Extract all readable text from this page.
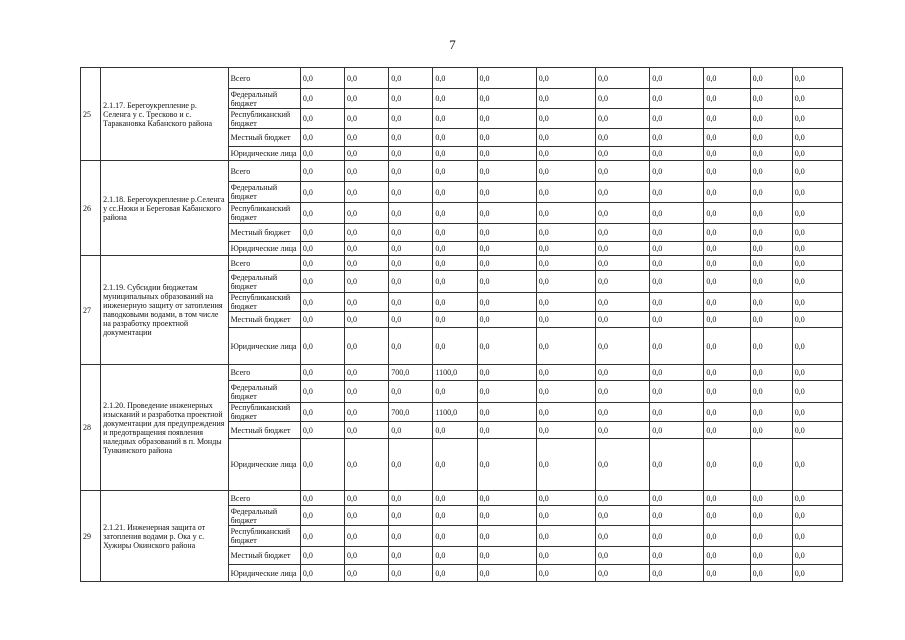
7
25	2.1.17. Берегоукрепление р. Селенга у с. Тресково и с. Таракановка Кабанского района	Всего	0,0	0,0	0,0	0,0	0,0	0,0	0,0	0,0	0,0	0,0	0,0
		Федеральный бюджет	0,0	0,0	0,0	0,0	0,0	0,0	0,0	0,0	0,0	0,0	0,0
		Республиканский бюджет	0,0	0,0	0,0	0,0	0,0	0,0	0,0	0,0	0,0	0,0	0,0
		Местный бюджет	0,0	0,0	0,0	0,0	0,0	0,0	0,0	0,0	0,0	0,0	0,0
		Юридические лица	0,0	0,0	0,0	0,0	0,0	0,0	0,0	0,0	0,0	0,0	0,0
26	2.1.18. Берегоукрепление р.Селенга у сс.Нюки и Береговая Кабанского района	Всего	0,0	0,0	0,0	0,0	0,0	0,0	0,0	0,0	0,0	0,0	0,0
		Федеральный бюджет	0,0	0,0	0,0	0,0	0,0	0,0	0,0	0,0	0,0	0,0	0,0
		Республиканский бюджет	0,0	0,0	0,0	0,0	0,0	0,0	0,0	0,0	0,0	0,0	0,0
		Местный бюджет	0,0	0,0	0,0	0,0	0,0	0,0	0,0	0,0	0,0	0,0	0,0
		Юридические лица	0,0	0,0	0,0	0,0	0,0	0,0	0,0	0,0	0,0	0,0	0,0
27	2.1.19. Субсидии бюджетам муниципальных образований на инженерную защиту от затопления паводковыми водами, в том числе на разработку проектной документации	Всего	0,0	0,0	0,0	0,0	0,0	0,0	0,0	0,0	0,0	0,0	0,0
		Федеральный бюджет	0,0	0,0	0,0	0,0	0,0	0,0	0,0	0,0	0,0	0,0	0,0
		Республиканский бюджет	0,0	0,0	0,0	0,0	0,0	0,0	0,0	0,0	0,0	0,0	0,0
		Местный бюджет	0,0	0,0	0,0	0,0	0,0	0,0	0,0	0,0	0,0	0,0	0,0
		Юридические лица	0,0	0,0	0,0	0,0	0,0	0,0	0,0	0,0	0,0	0,0	0,0
28	2.1.20. Проведение инженерных изысканий и разработка проектной документации для предупреждения и предотвращения появления наледных образований в п. Монды Тункинского района	Всего	0,0	0,0	700,0	1100,0	0,0	0,0	0,0	0,0	0,0	0,0	0,0
		Федеральный бюджет	0,0	0,0	0,0	0,0	0,0	0,0	0,0	0,0	0,0	0,0	0,0
		Республиканский бюджет	0,0	0,0	700,0	1100,0	0,0	0,0	0,0	0,0	0,0	0,0	0,0
		Местный бюджет	0,0	0,0	0,0	0,0	0,0	0,0	0,0	0,0	0,0	0,0	0,0
		Юридические лица	0,0	0,0	0,0	0,0	0,0	0,0	0,0	0,0	0,0	0,0	0,0
29	2.1.21. Инженерная защита от затопления водами р. Ока у с. Хужиры Окинского района	Всего	0,0	0,0	0,0	0,0	0,0	0,0	0,0	0,0	0,0	0,0	0,0
		Федеральный бюджет	0,0	0,0	0,0	0,0	0,0	0,0	0,0	0,0	0,0	0,0	0,0
		Республиканский бюджет	0,0	0,0	0,0	0,0	0,0	0,0	0,0	0,0	0,0	0,0	0,0
		Местный бюджет	0,0	0,0	0,0	0,0	0,0	0,0	0,0	0,0	0,0	0,0	0,0
		Юридические лица	0,0	0,0	0,0	0,0	0,0	0,0	0,0	0,0	0,0	0,0	0,0
